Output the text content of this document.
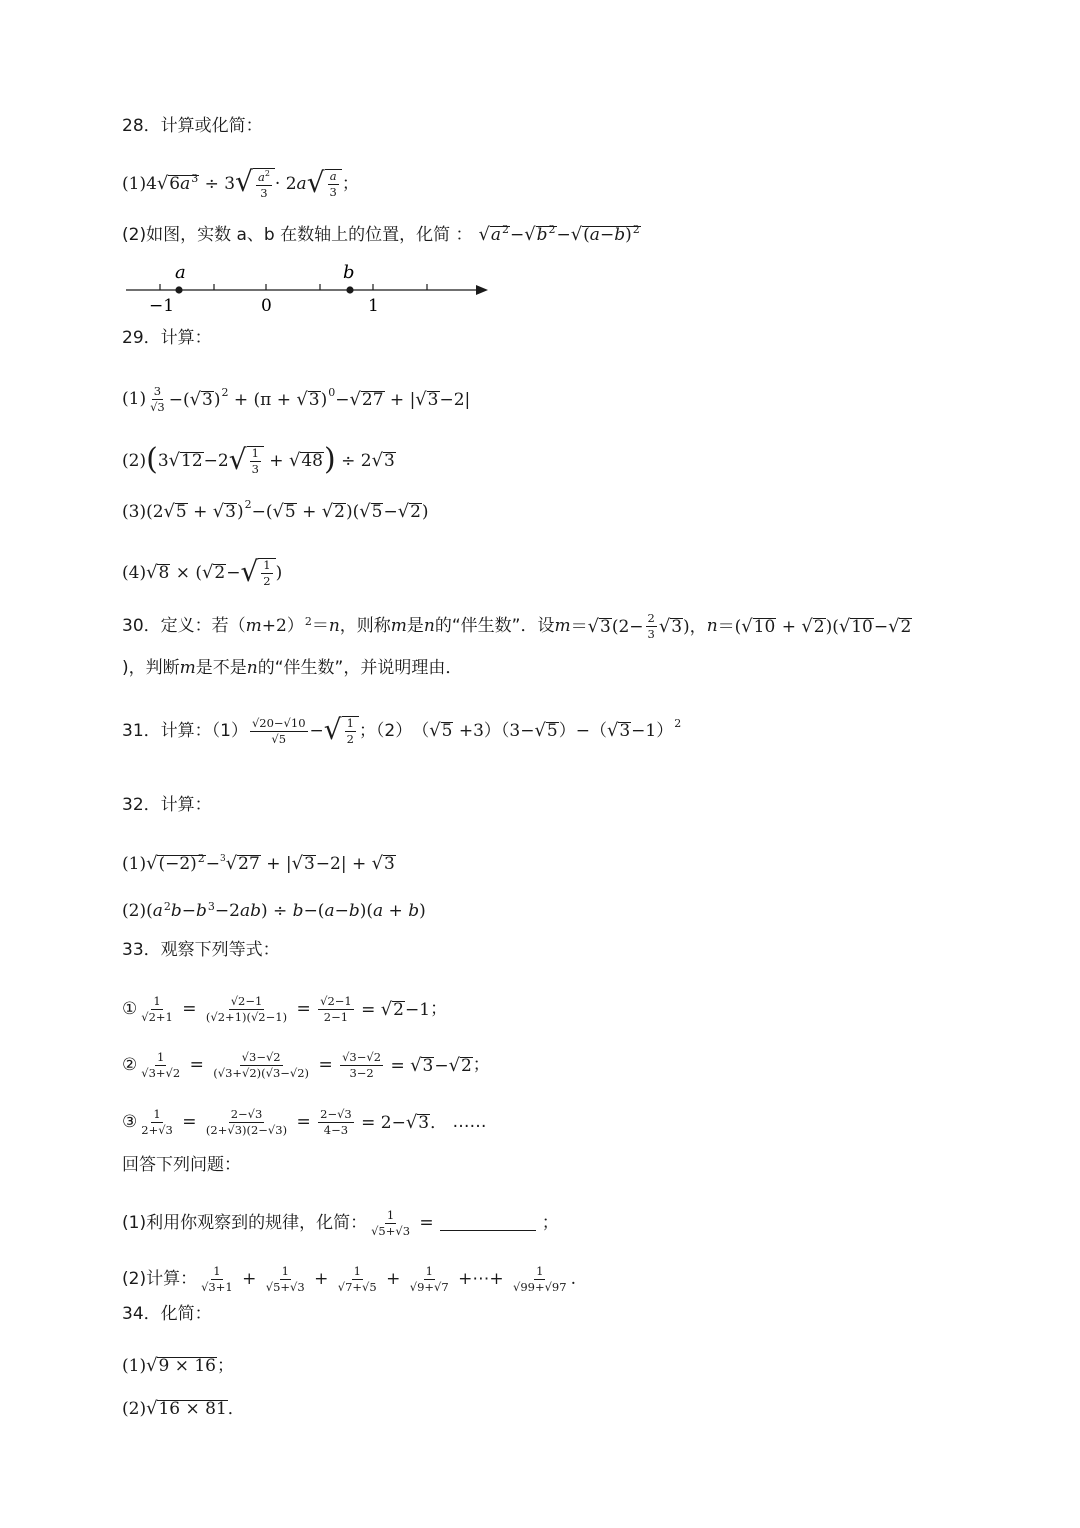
28．计算或化简：
(1)4 √ 6 a 3 ÷ 3 √ $\frac{a^2}{3} \cdot 2a$ √ $\frac{a}{3}$ ；
(2)如图，实数 a、b 在数轴上的位置，化简 ： √ a 2 − √ b 2 − √ ( a − b ) 2
a	b
−1	0	1
29．计算：
$(1) \frac{3}{√3}$ −( √ 3 )$^2$ + (π + √ 3 )$^0$ − √ 27 + | √ 3 −2|
(2) ( 3 √ 12 −2 √ $\frac{1}{3}$ + √ 48 ) ÷ 2 √ 3
(3)(2 √ 5 + √ 3 )$^2$ −( √ 5 + √ 2 )( √ 5 − √ 2 )
(4) √ 8 × ( √ 2 − √ $\frac{1}{2}$ )
30．定义：若（ m +2） 2 ＝ n ，则称 m 是 n 的“伴生数”．设 m ＝ √ 3 ($2- \frac{2}{3}$ √ 3 )， n ＝( √ 10 + √ 2 )( √ 10 − √ 2
)，判断 m 是不是 n 的“伴生数”，并说明理由．
31．计算：$(1) \frac{√20-√10}{√5}$ − √ $\frac{1}{2}$ ；（2） （ √ 5 +3）（3− √ 5 ）−（ √ 3 −1）$^2$
32．计算：
(1) √ (−2) 2 −$^3$ √ 27 + | √ 3 −2| + √ 3
$(2)(a^2b-b^3-2ab) \div b-(a-b)(a + b)$
33．观察下列等式：
① $\frac{1}{√2+1} = \frac{√2-1}{(√2+1)(√2-1)} = \frac{√2-1}{2-1}$ = √ 2 −1 ；
② $\frac{1}{√3+√2} = \frac{√3-√2}{(√3+√2)(√3-√2)} = \frac{√3-√2}{3-2}$ = √ 3 − √ 2 ；
③ $\frac{1}{2+√3} = \frac{2-√3}{(2+√3)(2-√3)} = \frac{2-√3}{4-3} = 2-$ √ 3 ． ……
回答下列问题：
(1)利用你观察到的规律，化简： $\frac{1}{√5+√3}$ =	；
(2)计算： $\frac{1}{√3+1} + \frac{1}{√5+√3} + \frac{1}{√7+√5} + \frac{1}{√9+√7}$ +⋯+ $\frac{1}{√99+√97}$ .
34．化简：
(1) √ 9 × 16 ；
(2) √ 16 × 81 ．
